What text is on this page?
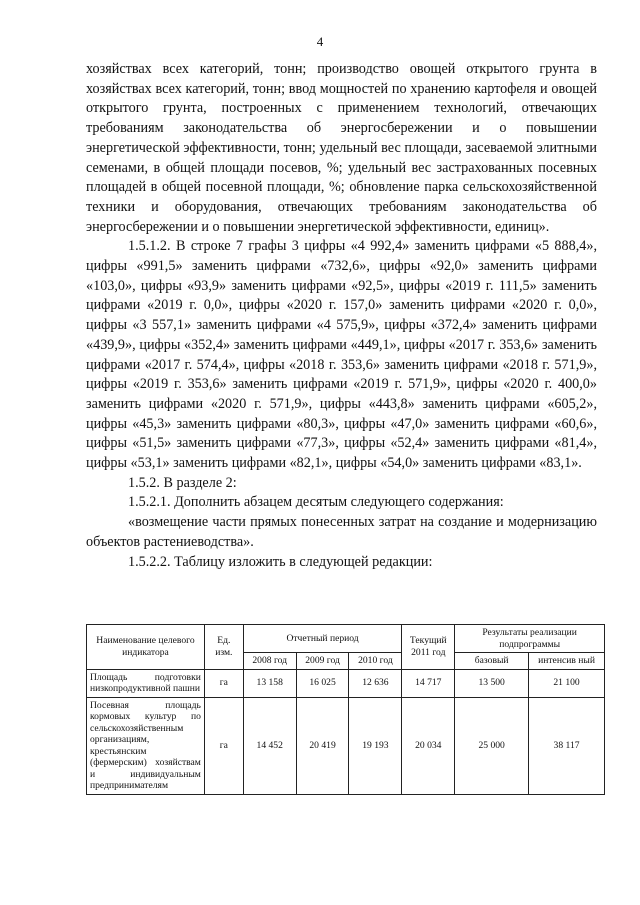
4

хозяйствах всех категорий, тонн; производство овощей открытого грунта в хозяйствах всех категорий, тонн; ввод мощностей по хранению картофеля и овощей открытого грунта, построенных с применением технологий, отвечающих требованиям законодательства об энергосбережении и о повышении энергетической эффективности, тонн; удельный вес площади, засеваемой элитными семенами, в общей площади посевов, %; удельный вес застрахованных посевных площадей в общей посевной площади, %; обновление парка сельскохозяйственной техники и оборудования, отвечающих требованиям законодательства об энергосбережении и о повышении энергетической эффективности, единиц».

1.5.1.2. В строке 7 графы 3 цифры «4 992,4» заменить цифрами «5 888,4», цифры «991,5» заменить цифрами «732,6», цифры «92,0» заменить цифрами «103,0», цифры «93,9» заменить цифрами «92,5», цифры «2019 г. 111,5» заменить цифрами «2019 г. 0,0», цифры «2020 г. 157,0» заменить цифрами «2020 г. 0,0», цифры «3 557,1» заменить цифрами «4 575,9», цифры «372,4» заменить цифрами «439,9», цифры «352,4» заменить цифрами «449,1», цифры «2017 г. 353,6» заменить цифрами «2017 г. 574,4», цифры «2018 г. 353,6» заменить цифрами «2018 г. 571,9», цифры «2019 г. 353,6» заменить цифрами «2019 г. 571,9», цифры «2020 г. 400,0» заменить цифрами «2020 г. 571,9», цифры «443,8» заменить цифрами «605,2», цифры «45,3» заменить цифрами «80,3», цифры «47,0» заменить цифрами «60,6», цифры «51,5» заменить цифрами «77,3», цифры «52,4» заменить цифрами «81,4», цифры «53,1» заменить цифрами «82,1», цифры «54,0» заменить цифрами «83,1».

1.5.2. В разделе 2:

1.5.2.1. Дополнить абзацем десятым следующего содержания:

«возмещение части прямых понесенных затрат на создание и модернизацию объектов растениеводства».

1.5.2.2. Таблицу изложить в следующей редакции:

Наименование целевого индикатора	Ед. изм.	Отчетный период			Текущий 2011 год	Результаты реализации подпрограммы	
		2008 год	2009 год	2010 год		базовый	интенсив ный
Площадь подготовки низкопродуктивной пашни	га	13 158	16 025	12 636	14 717	13 500	21 100
Посевная площадь кормовых культур по сельскохозяйственным организациям, крестьянским (фермерским) хозяйствам и индивидуальным предпринимателям	га	14 452	20 419	19 193	20 034	25 000	38 117
